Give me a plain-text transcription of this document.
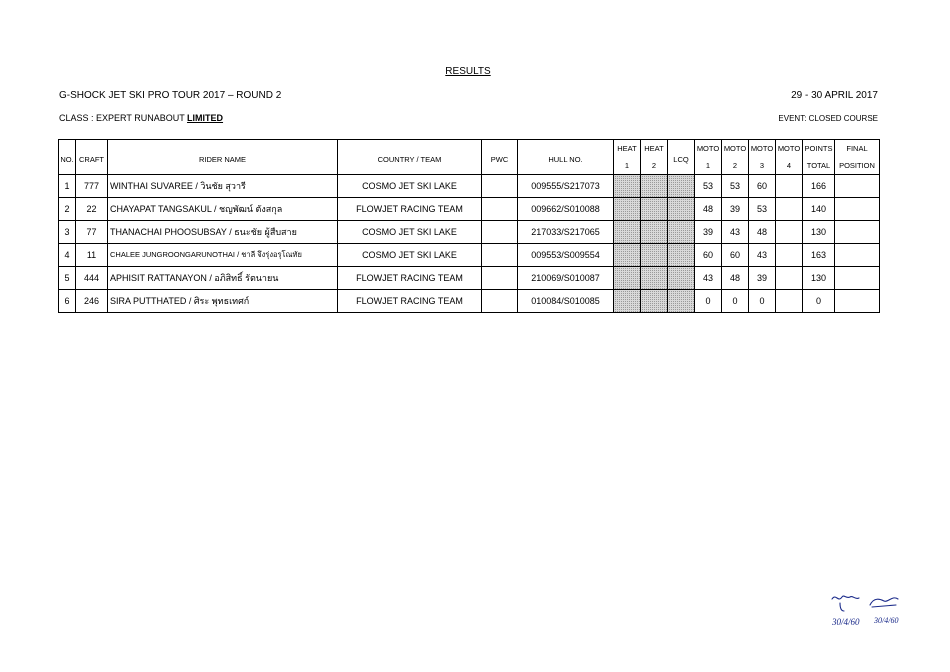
RESULTS
G-SHOCK JET SKI PRO TOUR 2017 – ROUND 2	29 - 30 APRIL 2017
CLASS : EXPERT RUNABOUT LIMITED	EVENT: CLOSED COURSE
NO.	CRAFT	RIDER NAME	COUNTRY / TEAM	PWC	HULL NO.	HEAT	HEAT	LCQ	MOTO	MOTO	MOTO	MOTO	POINTS	FINAL
						1	2		1	2	3	4	TOTAL	POSITION
1	777	WINTHAI SUVAREE / วินชัย สุวารี	COSMO JET SKI LAKE		009555/S217073				53	53	60		166	
2	22	CHAYAPAT TANGSAKUL / ชญพัฒน์ ตังสกุล	FLOWJET RACING TEAM		009662/S010088				48	39	53		140	
3	77	THANACHAI PHOOSUBSAY / ธนะชัย ผู้สืบสาย	COSMO JET SKI LAKE		217033/S217065				39	43	48		130	
4	11	CHALEE JUNGROONGARUNOTHAI / ชาลี จึงรุ่งอรุโณทัย	COSMO JET SKI LAKE		009553/S009554				60	60	43		163	
5	444	APHISIT RATTANAYON / อภิสิทธิ์ รัตนายน	FLOWJET RACING TEAM		210069/S010087				43	48	39		130	
6	246	SIRA PUTTHATED / ศิระ พุทธเทศก์	FLOWJET RACING TEAM		010084/S010085				0	0	0		0	
30/4/60 30/4/60
